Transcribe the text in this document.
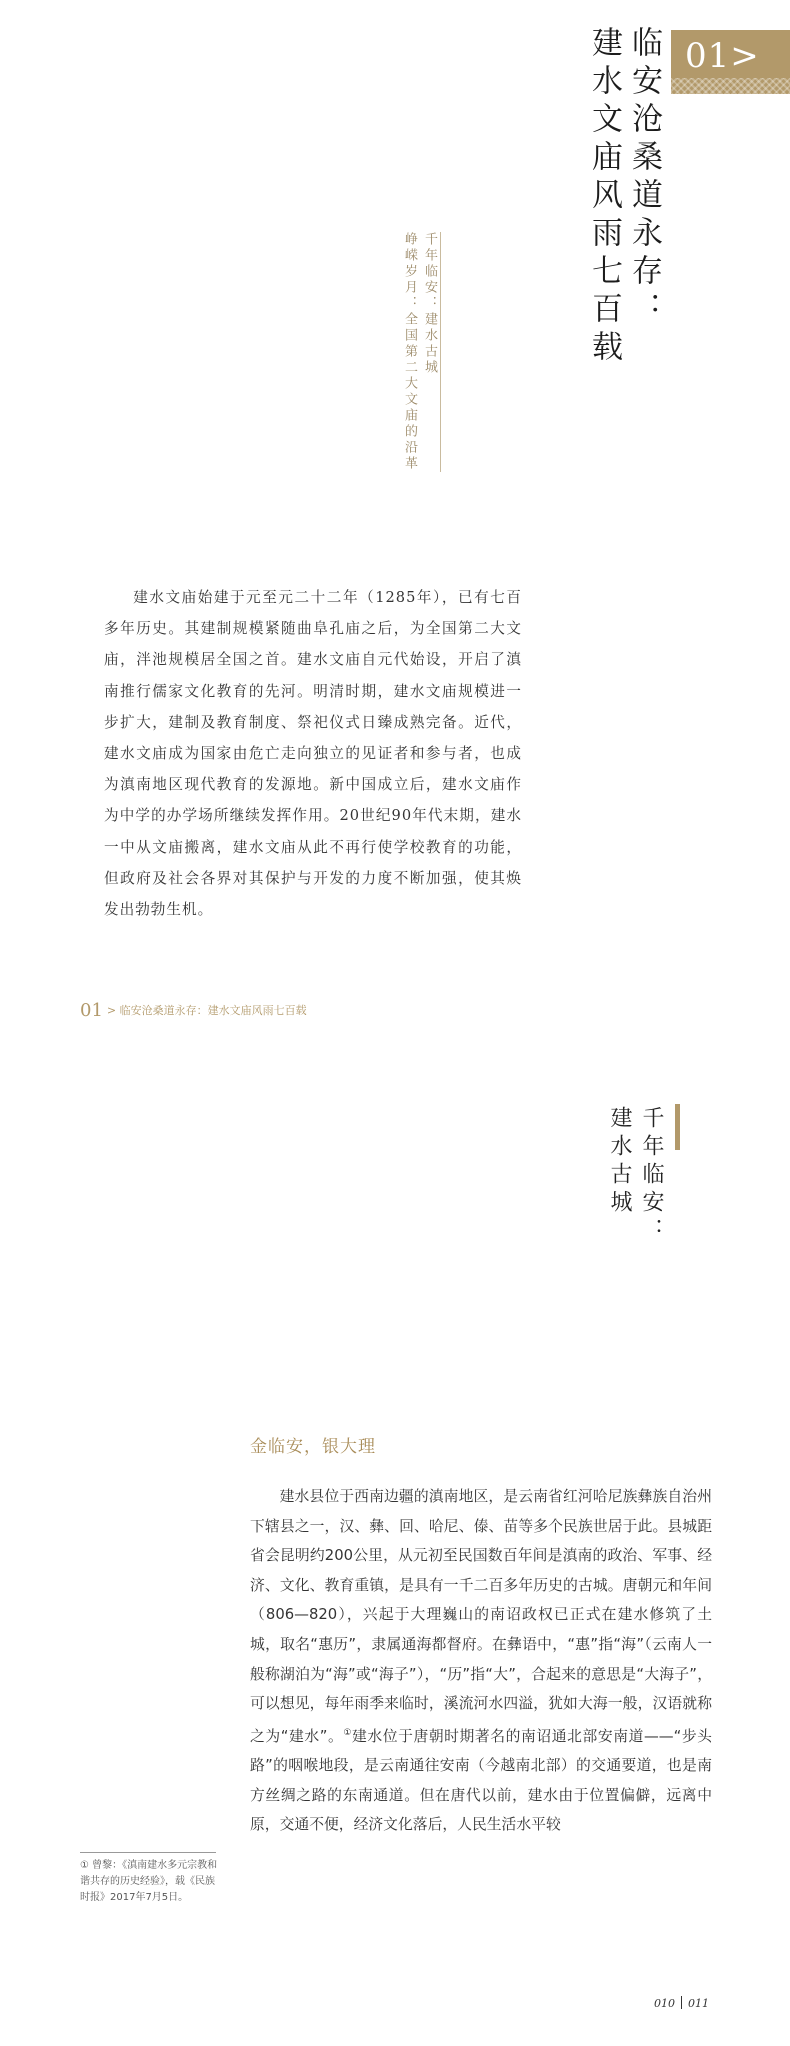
01>
临安沧桑道永存：
建水文庙风雨七百载
千年临安：建水古城
峥嵘岁月：全国第二大文庙的沿革
建水文庙始建于元至元二十二年（1285年），已有七百多年历史。其建制规模紧随曲阜孔庙之后，为全国第二大文庙，泮池规模居全国之首。建水文庙自元代始设，开启了滇南推行儒家文化教育的先河。明清时期，建水文庙规模进一步扩大，建制及教育制度、祭祀仪式日臻成熟完备。近代，建水文庙成为国家由危亡走向独立的见证者和参与者，也成为滇南地区现代教育的发源地。新中国成立后，建水文庙作为中学的办学场所继续发挥作用。20世纪90年代末期，建水一中从文庙搬离，建水文庙从此不再行使学校教育的功能，但政府及社会各界对其保护与开发的力度不断加强，使其焕发出勃勃生机。
01 > 临安沧桑道永存：建水文庙风雨七百载
千年临安：
建水古城
金临安，银大理
建水县位于西南边疆的滇南地区，是云南省红河哈尼族彝族自治州下辖县之一，汉、彝、回、哈尼、傣、苗等多个民族世居于此。县城距省会昆明约200公里，从元初至民国数百年间是滇南的政治、军事、经济、文化、教育重镇，是具有一千二百多年历史的古城。唐朝元和年间（806—820），兴起于大理巍山的南诏政权已正式在建水修筑了土城，取名“惠历”，隶属通海都督府。在彝语中，“惠”指“海”（云南人一般称湖泊为“海”或“海子”），“历”指“大”，合起来的意思是“大海子”，可以想见，每年雨季来临时，溪流河水四溢，犹如大海一般，汉语就称之为“建水”。①建水位于唐朝时期著名的南诏通北部安南道——“步头路”的咽喉地段，是云南通往安南（今越南北部）的交通要道，也是南方丝绸之路的东南通道。但在唐代以前，建水由于位置偏僻，远离中原，交通不便，经济文化落后，人民生活水平较
① 曾黎：《滇南建水多元宗教和谐共存的历史经验》，载《民族时报》2017年7月5日。
010 011
